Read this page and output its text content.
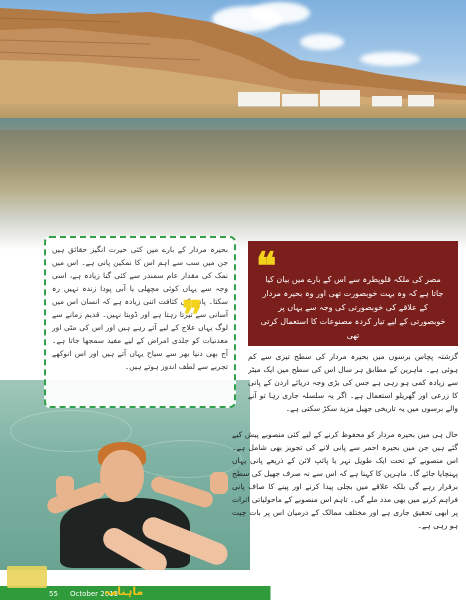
بحیرہ مردار کے بارے میں کئی حیرت انگیز حقائق ہیں جن میں سب سے اہم اس کا نمکین پانی ہے۔ اس میں نمک کی مقدار عام سمندر سے کئی گنا زیادہ ہے، اسی وجہ سے یہاں کوئی مچھلی یا آبی پودا زندہ نہیں رہ سکتا۔ پانی کی کثافت اتنی زیادہ ہے کہ انسان اس میں آسانی سے تیرتا رہتا ہے اور ڈوبتا نہیں۔ قدیم زمانے سے لوگ یہاں علاج کے لیے آتے رہے ہیں اور اس کی مٹی اور معدنیات کو جلدی امراض کے لیے مفید سمجھا جاتا ہے۔ آج بھی دنیا بھر سے سیاح یہاں آتے ہیں اور اس انوکھے تجربے سے لطف اندوز ہوتے ہیں۔
❝
مصر کی ملکہ قلوپطرہ سے اس کے بارے میں بیان کیا جاتا ہے کہ وہ بہت خوبصورت تھی اور وہ بحیرہ مردار کے علاقے کی خوبصورتی کی وجہ سے یہاں پر خوبصورتی کے لیے تیار کردہ مصنوعات کا استعمال کرتی تھی
❞
گزشتہ پچاس برسوں میں بحیرہ مردار کی سطح تیزی سے کم ہوئی ہے۔ ماہرین کے مطابق ہر سال اس کی سطح میں ایک میٹر سے زیادہ کمی ہو رہی ہے جس کی بڑی وجہ دریائے اردن کے پانی کا زرعی اور گھریلو استعمال ہے۔ اگر یہ سلسلہ جاری رہا تو آنے والے برسوں میں یہ تاریخی جھیل مزید سکڑ سکتی ہے۔
حال ہی میں بحیرہ مردار کو محفوظ کرنے کے لیے کئی منصوبے پیش کیے گئے ہیں جن میں بحیرہ احمر سے پانی لانے کی تجویز بھی شامل ہے۔ اس منصوبے کے تحت ایک طویل نہر یا پائپ لائن کے ذریعے پانی یہاں پہنچایا جائے گا۔ ماہرین کا کہنا ہے کہ اس سے نہ صرف جھیل کی سطح برقرار رہے گی بلکہ علاقے میں بجلی پیدا کرنے اور پینے کا صاف پانی فراہم کرنے میں بھی مدد ملے گی۔ تاہم اس منصوبے کے ماحولیاتی اثرات پر ابھی تحقیق جاری ہے اور مختلف ممالک کے درمیان اس پر بات چیت ہو رہی ہے۔
55 October 2013
ماہنامہ
